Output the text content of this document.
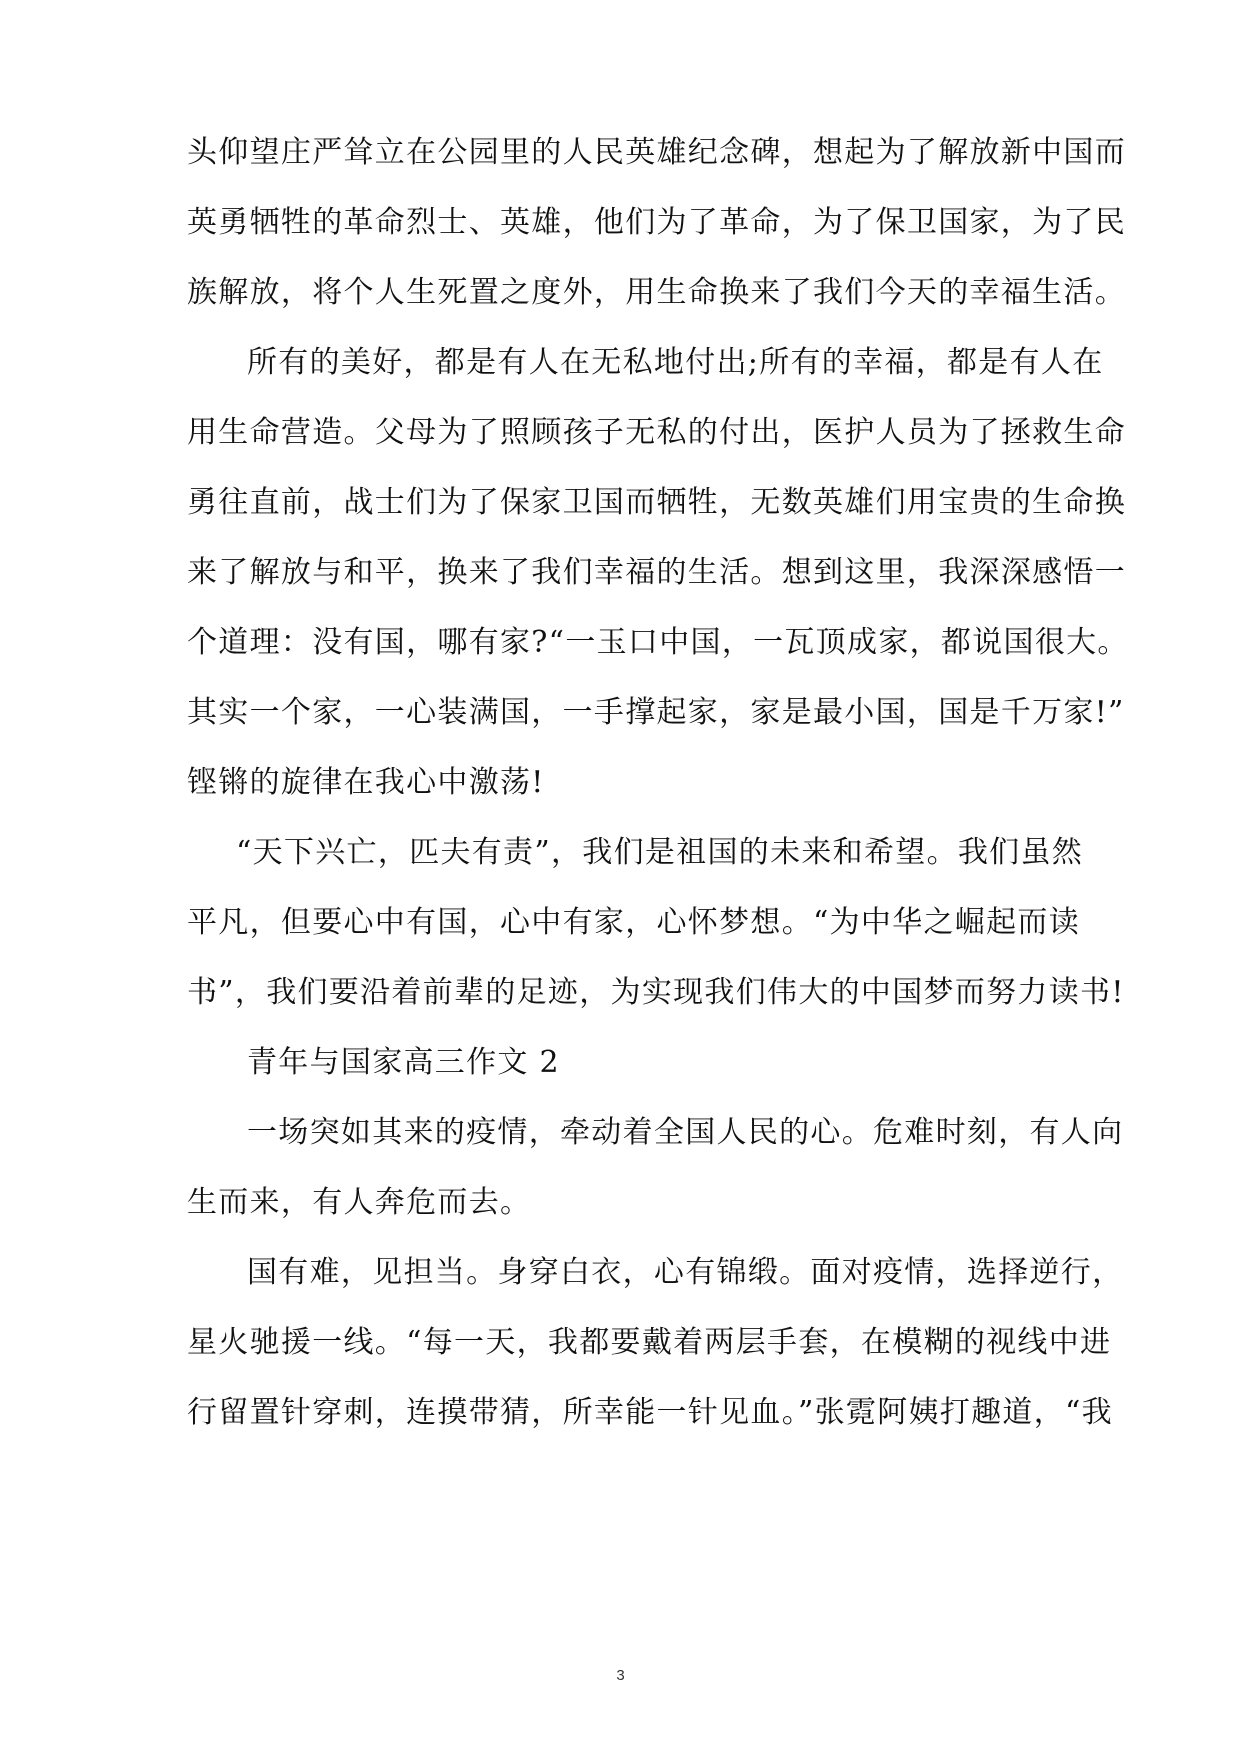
头仰望庄严耸立在公园里的人民英雄纪念碑，想起为了解放新中国而
英勇牺牲的革命烈士、英雄，他们为了革命，为了保卫国家，为了民
族解放，将个人生死置之度外，用生命换来了我们今天的幸福生活。
所有的美好，都是有人在无私地付出;所有的幸福，都是有人在
用生命营造。父母为了照顾孩子无私的付出，医护人员为了拯救生命
勇往直前，战士们为了保家卫国而牺牲，无数英雄们用宝贵的生命换
来了解放与和平，换来了我们幸福的生活。想到这里，我深深感悟一
个道理：没有国，哪有家?“一玉口中国，一瓦顶成家，都说国很大。
其实一个家，一心装满国，一手撑起家，家是最小国，国是千万家!”
铿锵的旋律在我心中激荡!
“天下兴亡，匹夫有责”，我们是祖国的未来和希望。我们虽然
平凡，但要心中有国，心中有家，心怀梦想。“为中华之崛起而读
书”，我们要沿着前辈的足迹，为实现我们伟大的中国梦而努力读书!
青年与国家高三作文 2
一场突如其来的疫情，牵动着全国人民的心。危难时刻，有人向
生而来，有人奔危而去。
国有难，见担当。身穿白衣，心有锦缎。面对疫情，选择逆行，
星火驰援一线。“每一天，我都要戴着两层手套，在模糊的视线中进
行留置针穿刺，连摸带猜，所幸能一针见血。”张霓阿姨打趣道，“我
3
